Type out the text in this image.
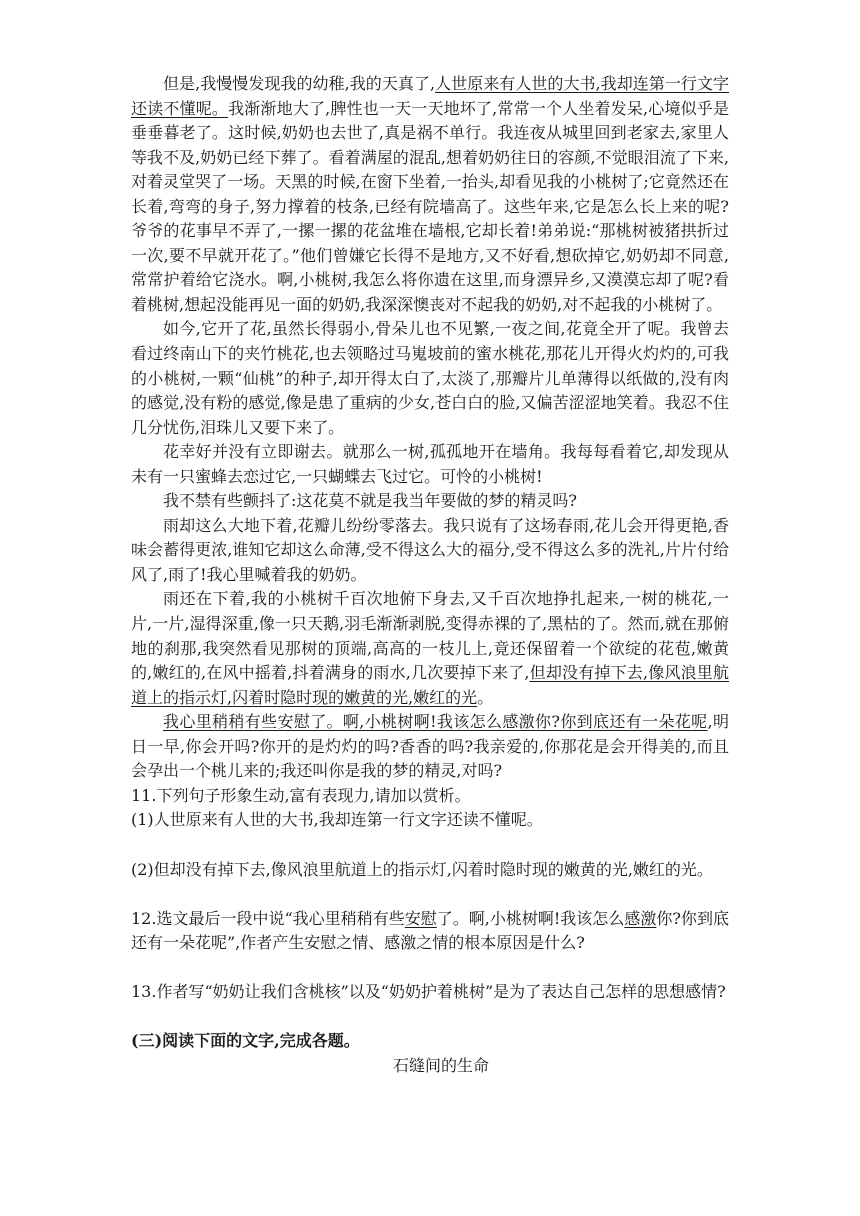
但是,我慢慢发现我的幼稚,我的天真了,人世原来有人世的大书,我却连第一行文字还读不懂呢。我渐渐地大了,脾性也一天一天地坏了,常常一个人坐着发呆,心境似乎是垂垂暮老了。这时候,奶奶也去世了,真是祸不单行。我连夜从城里回到老家去,家里人等我不及,奶奶已经下葬了。看着满屋的混乱,想着奶奶往日的容颜,不觉眼泪流了下来,对着灵堂哭了一场。天黑的时候,在窗下坐着,一抬头,却看见我的小桃树了;它竟然还在长着,弯弯的身子,努力撑着的枝条,已经有院墙高了。这些年来,它是怎么长上来的呢?爷爷的花事早不弄了,一摞一摞的花盆堆在墙根,它却长着!弟弟说:“那桃树被猪拱折过一次,要不早就开花了。”他们曾嫌它长得不是地方,又不好看,想砍掉它,奶奶却不同意,常常护着给它浇水。啊,小桃树,我怎么将你遗在这里,而身漂异乡,又漠漠忘却了呢?看着桃树,想起没能再见一面的奶奶,我深深懊丧对不起我的奶奶,对不起我的小桃树了。

如今,它开了花,虽然长得弱小,骨朵儿也不见繁,一夜之间,花竟全开了呢。我曾去看过终南山下的夹竹桃花,也去领略过马嵬坡前的蜜水桃花,那花儿开得火灼灼的,可我的小桃树,一颗“仙桃”的种子,却开得太白了,太淡了,那瓣片儿单薄得以纸做的,没有肉的感觉,没有粉的感觉,像是患了重病的少女,苍白白的脸,又偏苦涩涩地笑着。我忍不住几分忧伤,泪珠儿又要下来了。

花幸好并没有立即谢去。就那么一树,孤孤地开在墙角。我每每看着它,却发现从未有一只蜜蜂去恋过它,一只蝴蝶去飞过它。可怜的小桃树!

我不禁有些颤抖了:这花莫不就是我当年要做的梦的精灵吗?

雨却这么大地下着,花瓣儿纷纷零落去。我只说有了这场春雨,花儿会开得更艳,香味会蓄得更浓,谁知它却这么命薄,受不得这么大的福分,受不得这么多的洗礼,片片付给风了,雨了!我心里喊着我的奶奶。

雨还在下着,我的小桃树千百次地俯下身去,又千百次地挣扎起来,一树的桃花,一片,一片,湿得深重,像一只天鹅,羽毛渐渐剥脱,变得赤裸的了,黑枯的了。然而,就在那俯地的刹那,我突然看见那树的顶端,高高的一枝儿上,竟还保留着一个欲绽的花苞,嫩黄的,嫩红的,在风中摇着,抖着满身的雨水,几次要掉下来了,但却没有掉下去,像风浪里航道上的指示灯,闪着时隐时现的嫩黄的光,嫩红的光。

我心里稍稍有些安慰了。啊,小桃树啊!我该怎么感激你?你到底还有一朵花呢,明日一早,你会开吗?你开的是灼灼的吗?香香的吗?我亲爱的,你那花是会开得美的,而且会孕出一个桃儿来的;我还叫你是我的梦的精灵,对吗?

11.下列句子形象生动,富有表现力,请加以赏析。

(1)人世原来有人世的大书,我却连第一行文字还读不懂呢。

(2)但却没有掉下去,像风浪里航道上的指示灯,闪着时隐时现的嫩黄的光,嫩红的光。

12.选文最后一段中说“我心里稍稍有些安慰了。啊,小桃树啊!我该怎么感激你?你到底还有一朵花呢”,作者产生安慰之情、感激之情的根本原因是什么?

13.作者写“奶奶让我们含桃核”以及“奶奶护着桃树”是为了表达自己怎样的思想感情?

(三)阅读下面的文字,完成各题。

石缝间的生命
